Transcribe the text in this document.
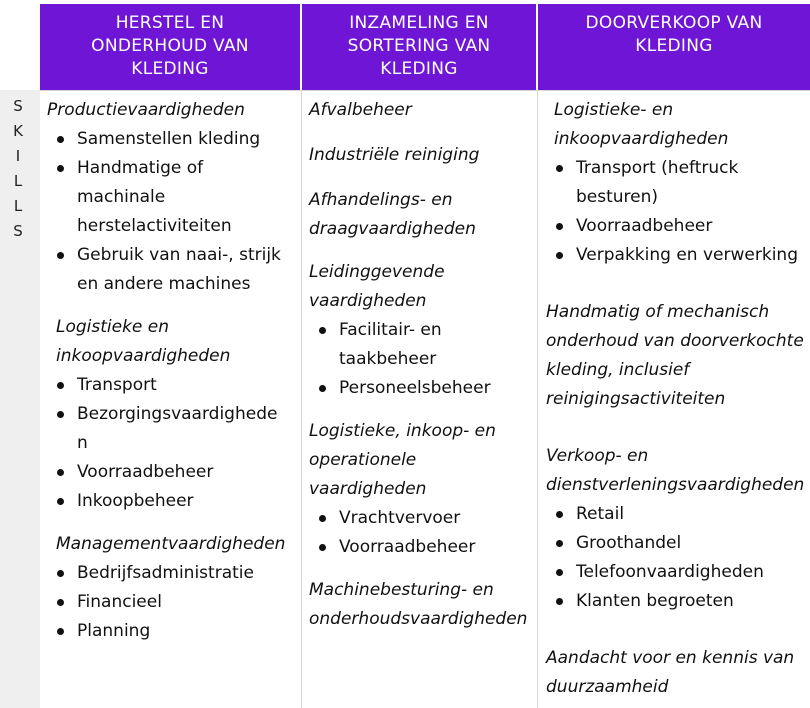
S
K
I
L
L
S
HERSTEL EN
ONDERHOUD VAN
KLEDING
INZAMELING EN
SORTERING VAN
KLEDING
DOORVERKOOP VAN
KLEDING

Productievaardigheden

Samenstellen kleding
Handmatige of
machinale
herstelactiviteiten
Gebruik van naai-, strijk
en andere machines

Logistieke en
inkoopvaardigheden

Transport
Bezorgingsvaardighede
n
Voorraadbeheer
Inkoopbeheer

Managementvaardigheden

Bedrijfsadministratie
Financieel
Planning

Afvalbeheer

Industriële reiniging

Afhandelings- en
draagvaardigheden

Leidinggevende
vaardigheden

Facilitair- en
taakbeheer
Personeelsbeheer

Logistieke, inkoop- en
operationele vaardigheden

Vrachtvervoer
Voorraadbeheer

Machinebesturing- en
onderhoudsvaardigheden

Logistieke- en
inkoopvaardigheden

Transport (heftruck
besturen)
Voorraadbeheer
Verpakking en verwerking

Handmatig of mechanisch
onderhoud van doorverkochte
kleding, inclusief
reinigingsactiviteiten

Verkoop- en
dienstverleningsvaardigheden

Retail
Groothandel
Telefoonvaardigheden
Klanten begroeten

Aandacht voor en kennis van
duurzaamheid
